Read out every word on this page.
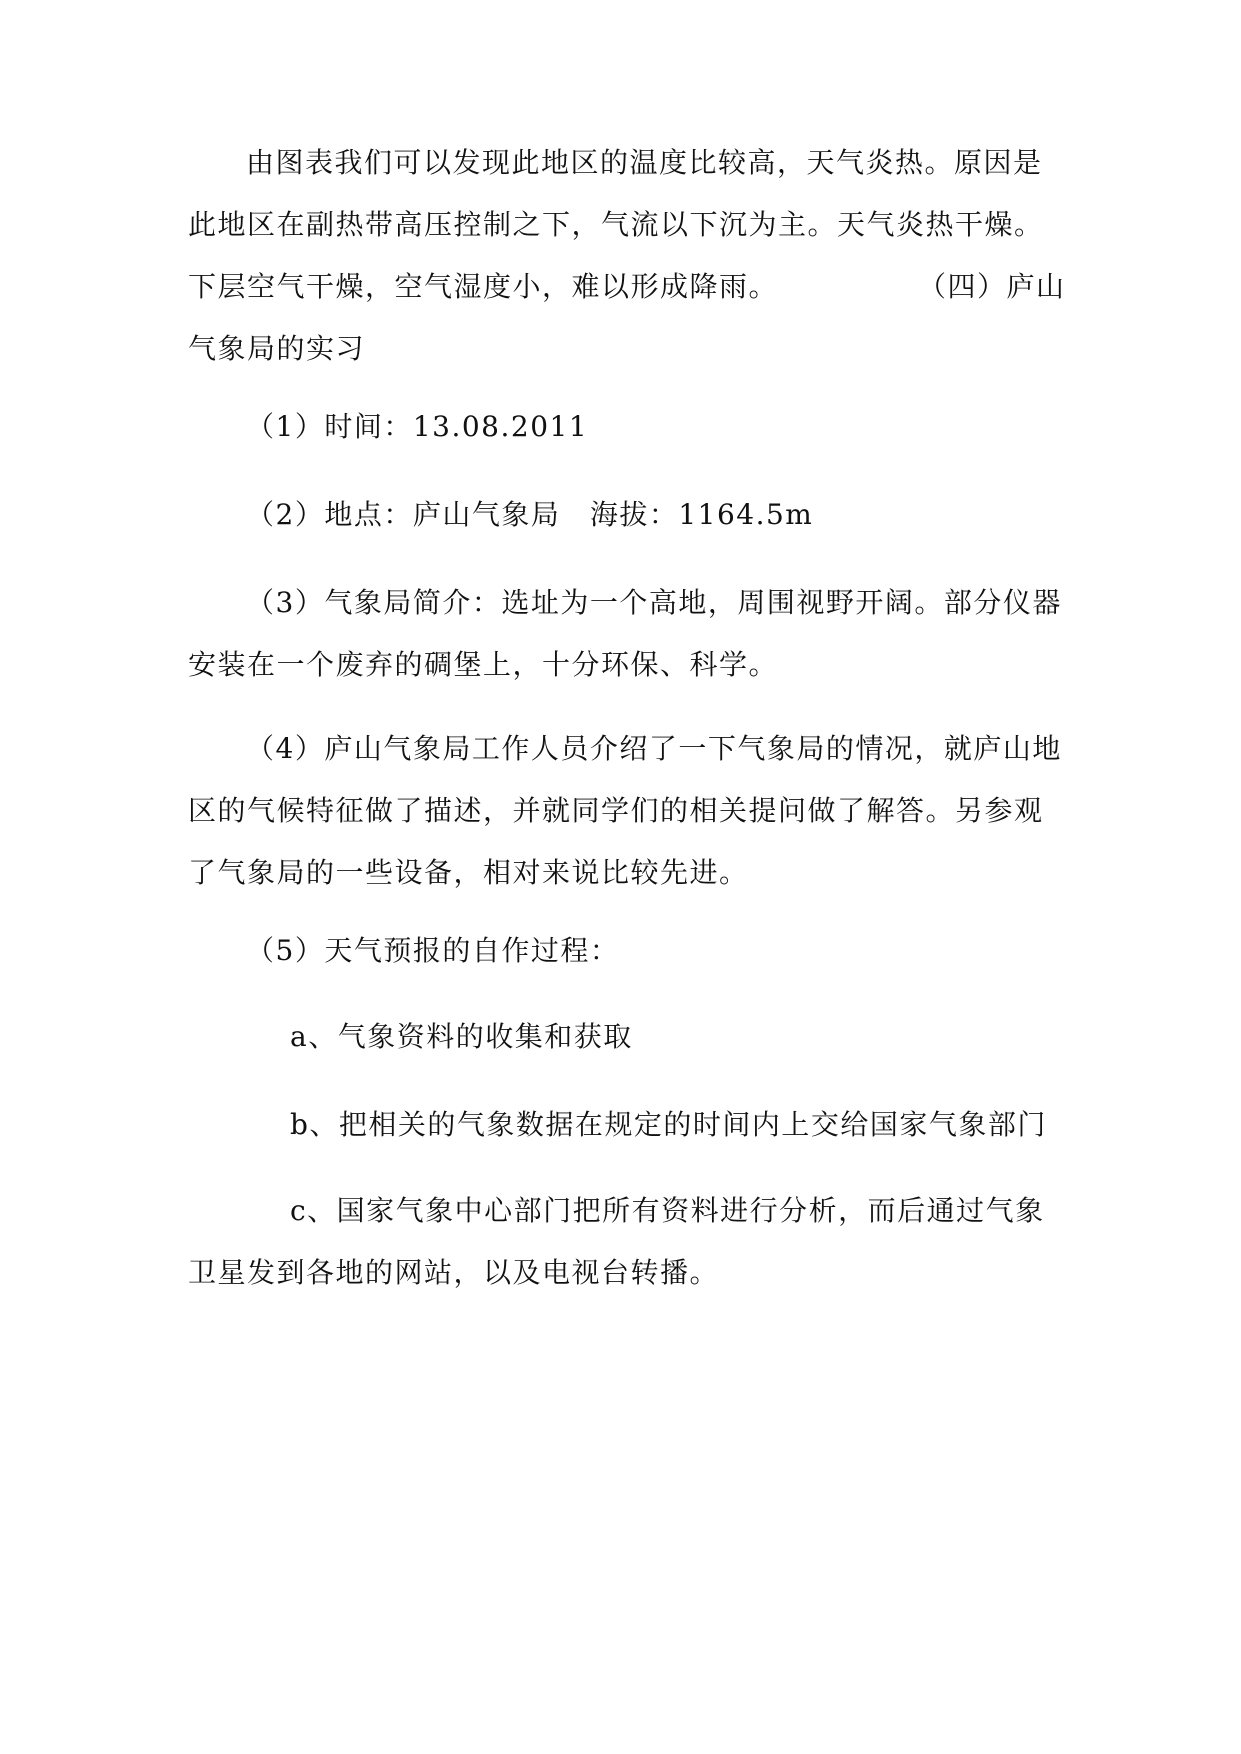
由图表我们可以发现此地区的温度比较高，天气炎热。原因是此地区在副热带高压控制之下，气流以下沉为主。天气炎热干燥。下层空气干燥，空气湿度小，难以形成降雨。	（四）庐山气象局的实习

（1）时间：13.08.2011

（2）地点：庐山气象局　海拔：1164.5m

（3）气象局简介：选址为一个高地，周围视野开阔。部分仪器安装在一个废弃的碉堡上，十分环保、科学。

（4）庐山气象局工作人员介绍了一下气象局的情况，就庐山地区的气候特征做了描述，并就同学们的相关提问做了解答。另参观了气象局的一些设备，相对来说比较先进。

（5）天气预报的自作过程：

a、气象资料的收集和获取

b、把相关的气象数据在规定的时间内上交给国家气象部门

c、国家气象中心部门把所有资料进行分析，而后通过气象卫星发到各地的网站，以及电视台转播。
